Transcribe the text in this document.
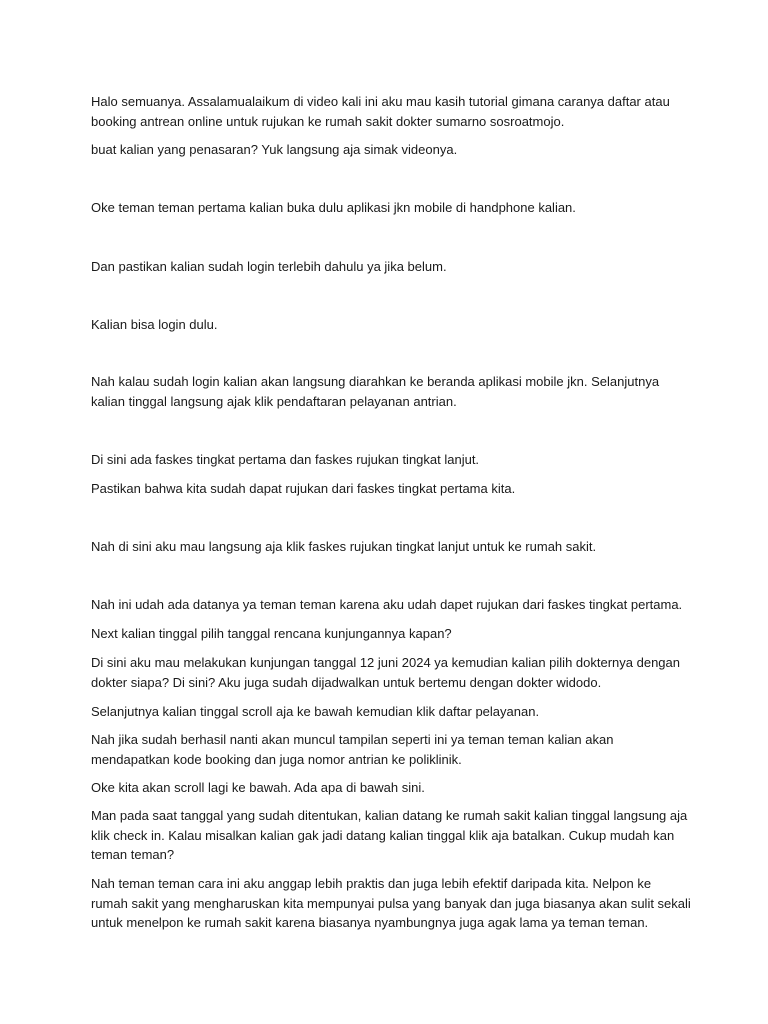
Halo semuanya. Assalamualaikum di video kali ini aku mau kasih tutorial gimana caranya daftar atau booking antrean online untuk rujukan ke rumah sakit dokter sumarno sosroatmojo.

buat kalian yang penasaran? Yuk langsung aja simak videonya.

Oke teman teman pertama kalian buka dulu aplikasi jkn mobile di handphone kalian.

Dan pastikan kalian sudah login terlebih dahulu ya jika belum.

Kalian bisa login dulu.

Nah kalau sudah login kalian akan langsung diarahkan ke beranda aplikasi mobile jkn. Selanjutnya kalian tinggal langsung ajak klik pendaftaran pelayanan antrian.

Di sini ada faskes tingkat pertama dan faskes rujukan tingkat lanjut.

Pastikan bahwa kita sudah dapat rujukan dari faskes tingkat pertama kita.

Nah di sini aku mau langsung aja klik faskes rujukan tingkat lanjut untuk ke rumah sakit.

Nah ini udah ada datanya ya teman teman karena aku udah dapet rujukan dari faskes tingkat pertama.

Next kalian tinggal pilih tanggal rencana kunjungannya kapan?

Di sini aku mau melakukan kunjungan tanggal 12 juni 2024 ya kemudian kalian pilih dokternya dengan dokter siapa? Di sini? Aku juga sudah dijadwalkan untuk bertemu dengan dokter widodo.

Selanjutnya kalian tinggal scroll aja ke bawah kemudian klik daftar pelayanan.

Nah jika sudah berhasil nanti akan muncul tampilan seperti ini ya teman teman kalian akan mendapatkan kode booking dan juga nomor antrian ke poliklinik.

Oke kita akan scroll lagi ke bawah. Ada apa di bawah sini.

Man pada saat tanggal yang sudah ditentukan, kalian datang ke rumah sakit kalian tinggal langsung aja klik check in. Kalau misalkan kalian gak jadi datang kalian tinggal klik aja batalkan. Cukup mudah kan teman teman?

Nah teman teman cara ini aku anggap lebih praktis dan juga lebih efektif daripada kita. Nelpon ke rumah sakit yang mengharuskan kita mempunyai pulsa yang banyak dan juga biasanya akan sulit sekali untuk menelpon ke rumah sakit karena biasanya nyambungnya juga agak lama ya teman teman.
